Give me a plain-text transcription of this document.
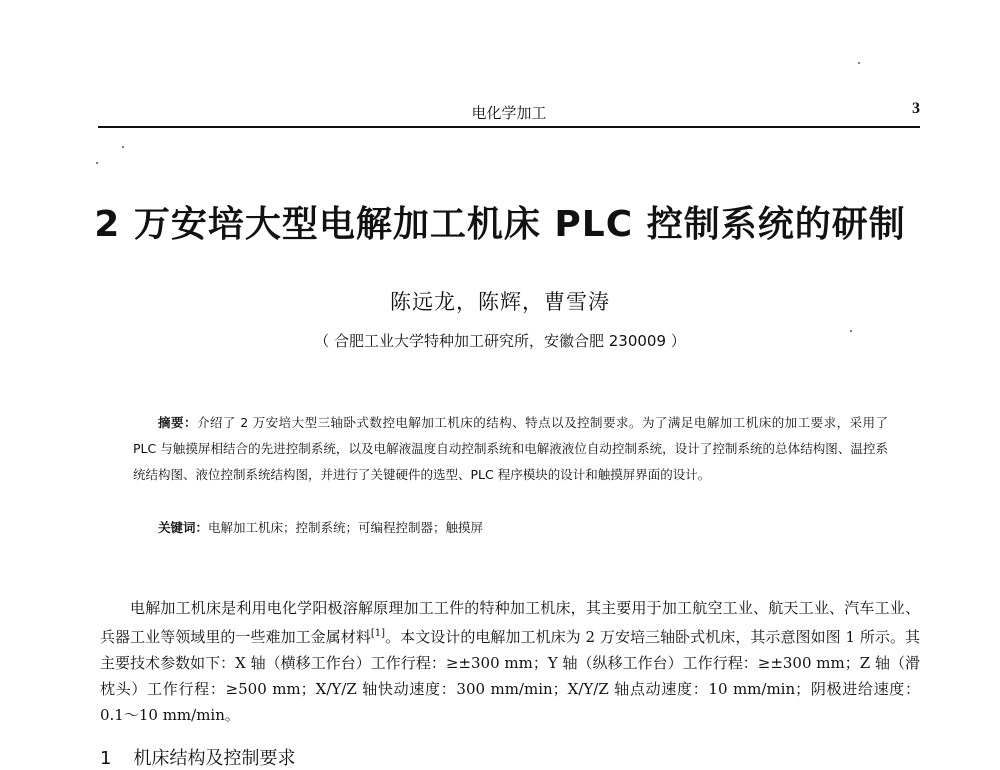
电化学加工	3
2 万安培大型电解加工机床 PLC 控制系统的研制
陈远龙，陈辉，曹雪涛
（ 合肥工业大学特种加工研究所，安徽合肥 230009 ）
摘要：介绍了 2 万安培大型三轴卧式数控电解加工机床的结构、特点以及控制要求。为了满足电解加工机床的加工要求，采用了 PLC 与触摸屏相结合的先进控制系统，以及电解液温度自动控制系统和电解液液位自动控制系统，设计了控制系统的总体结构图、温控系统结构图、液位控制系统结构图，并进行了关键硬件的选型、PLC 程序模块的设计和触摸屏界面的设计。
关键词：电解加工机床；控制系统；可编程控制器；触摸屏
电解加工机床是利用电化学阳极溶解原理加工工件的特种加工机床，其主要用于加工航空工业、航天工业、汽车工业、兵器工业等领域里的一些难加工金属材料[1]。本文设计的电解加工机床为 2 万安培三轴卧式机床，其示意图如图 1 所示。其主要技术参数如下：X 轴（横移工作台）工作行程：≥±300 mm；Y 轴（纵移工作台）工作行程：≥±300 mm；Z 轴（滑枕头）工作行程：≥500 mm；X/Y/Z 轴快动速度：300 mm/min；X/Y/Z 轴点动速度：10 mm/min；阴极进给速度：0.1～10 mm/min。
1 机床结构及控制要求
